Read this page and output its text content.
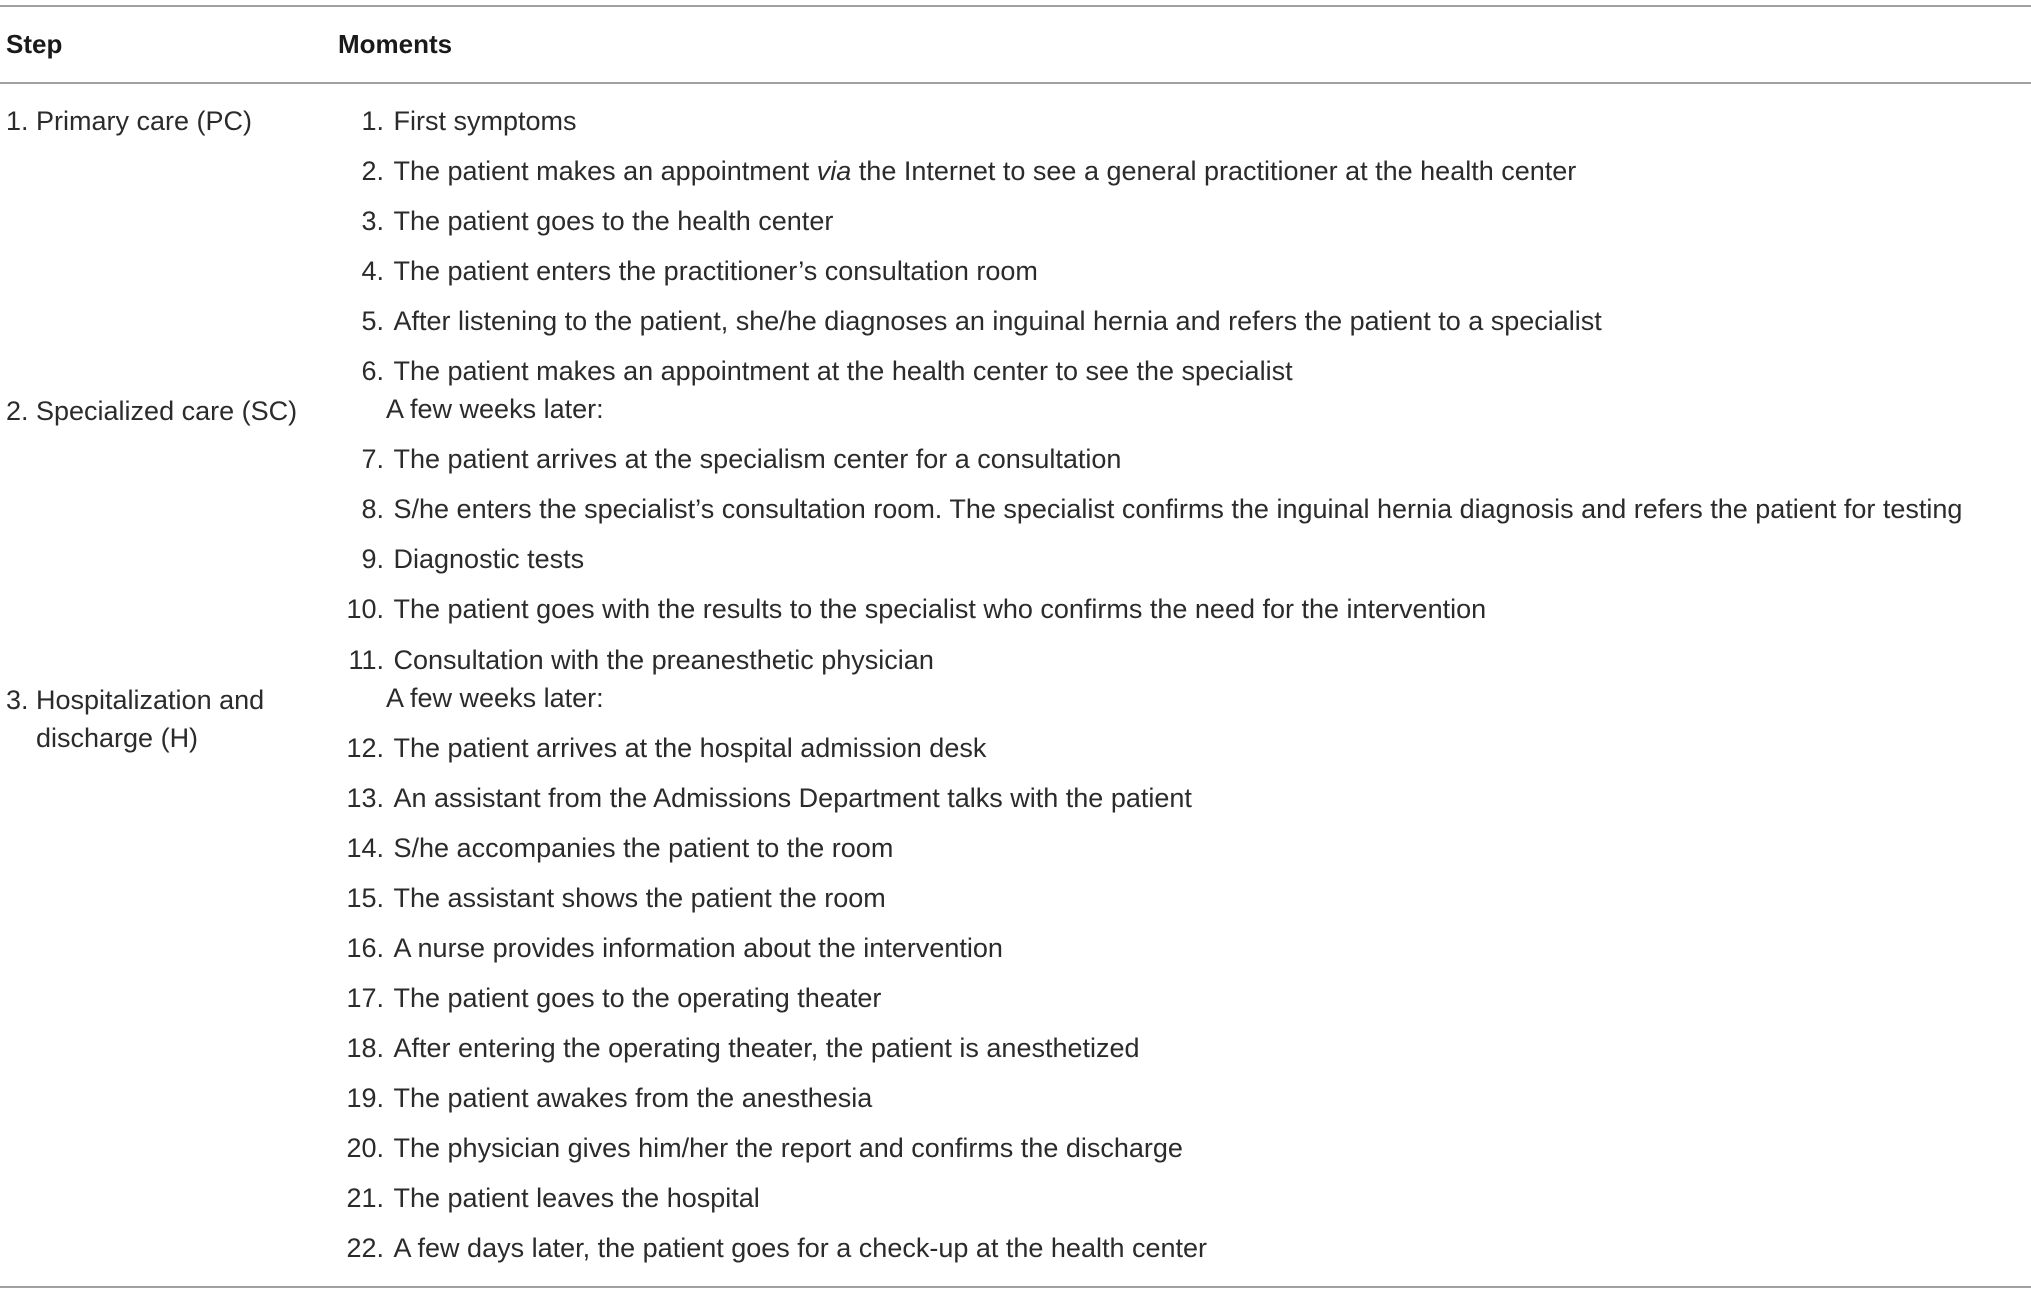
Step	Moments
1. Primary care (PC)
2. Specialized care (SC)
3. Hospitalization and
discharge (H)
1. First symptoms
2. The patient makes an appointment via the Internet to see a general practitioner at the health center
3. The patient goes to the health center
4. The patient enters the practitioner’s consultation room
5. After listening to the patient, she/he diagnoses an inguinal hernia and refers the patient to a specialist
6. The patient makes an appointment at the health center to see the specialist
A few weeks later:
7. The patient arrives at the specialism center for a consultation
8. S/he enters the specialist’s consultation room. The specialist confirms the inguinal hernia diagnosis and refers the patient for testing
9. Diagnostic tests
10. The patient goes with the results to the specialist who confirms the need for the intervention
11. Consultation with the preanesthetic physician
A few weeks later:
12. The patient arrives at the hospital admission desk
13. An assistant from the Admissions Department talks with the patient
14. S/he accompanies the patient to the room
15. The assistant shows the patient the room
16. A nurse provides information about the intervention
17. The patient goes to the operating theater
18. After entering the operating theater, the patient is anesthetized
19. The patient awakes from the anesthesia
20. The physician gives him/her the report and confirms the discharge
21. The patient leaves the hospital
22. A few days later, the patient goes for a check-up at the health center
